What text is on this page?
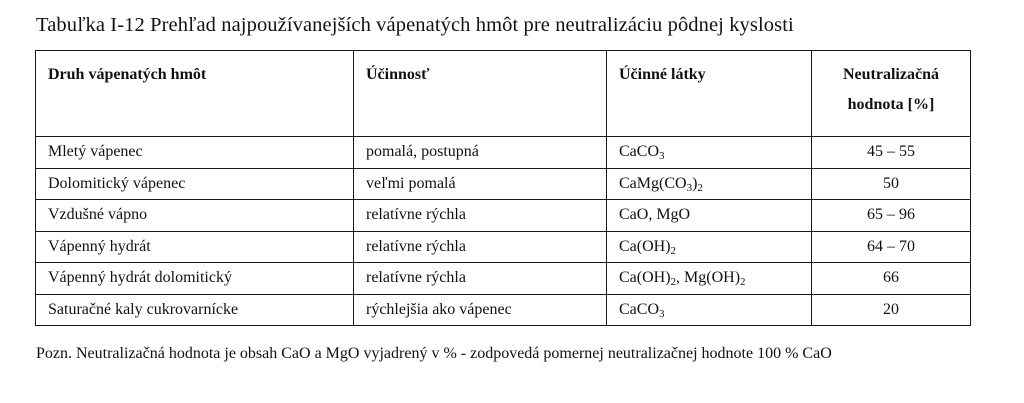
Tabuľka I-12 Prehľad najpoužívanejších vápenatých hmôt pre neutralizáciu pôdnej kyslosti
Druh vápenatých hmôt	Účinnosť	Účinné látky	Neutralizačná
hodnota [%]
Mletý vápenec	pomalá, postupná	CaCO$_3$	45 – 55
Dolomitický vápenec	veľmi pomalá	$CaMg(CO_3)_2$	50
Vzdušné vápno	relatívne rýchla	CaO, MgO	65 – 96
Vápenný hydrát	relatívne rýchla	$Ca(OH)_2$	64 – 70
Vápenný hydrát dolomitický	relatívne rýchla	$Ca(OH)_2$, $Mg(OH)_2$	66
Saturačné kaly cukrovarnícke	rýchlejšia ako vápenec	CaCO$_3$	20
Pozn. Neutralizačná hodnota je obsah CaO a MgO vyjadrený v % - zodpovedá pomernej neutralizačnej hodnote 100 % CaO
